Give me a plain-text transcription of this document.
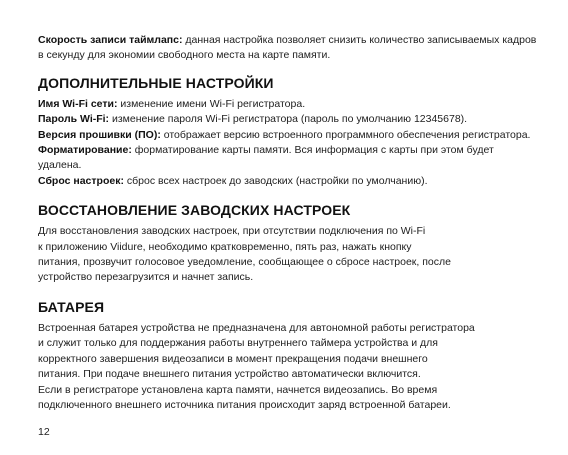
Скорость записи таймлапс: данная настройка позволяет снизить количество записываемых кадров в секунду для экономии свободного места на карте памяти.

ДОПОЛНИТЕЛЬНЫЕ НАСТРОЙКИ

Имя Wi-Fi сети: изменение имени Wi-Fi регистратора.

Пароль Wi-Fi: изменение пароля Wi-Fi регистратора (пароль по умолчанию 12345678).

Версия прошивки (ПО): отображает версию встроенного программного обеспечения регистратора.

Форматирование: форматирование карты памяти. Вся информация с карты при этом будет удалена.

Сброс настроек: сброс всех настроек до заводских (настройки по умолчанию).

ВОССТАНОВЛЕНИЕ ЗАВОДСКИХ НАСТРОЕК

Для восстановления заводских настроек, при отсутствии подключения по Wi-Fi
к приложению Viidure, необходимо кратковременно, пять раз, нажать кнопку
питания, прозвучит голосовое уведомление, сообщающее о сбросе настроек, после
устройство перезагрузится и начнет запись.

БАТАРЕЯ

Встроенная батарея устройства не предназначена для автономной работы регистратора
и служит только для поддержания работы внутреннего таймера устройства и для
корректного завершения видеозаписи в момент прекращения подачи внешнего
питания. При подаче внешнего питания устройство автоматически включится.
Если в регистраторе установлена карта памяти, начнется видеозапись. Во время
подключенного внешнего источника питания происходит заряд встроенной батареи.

12
